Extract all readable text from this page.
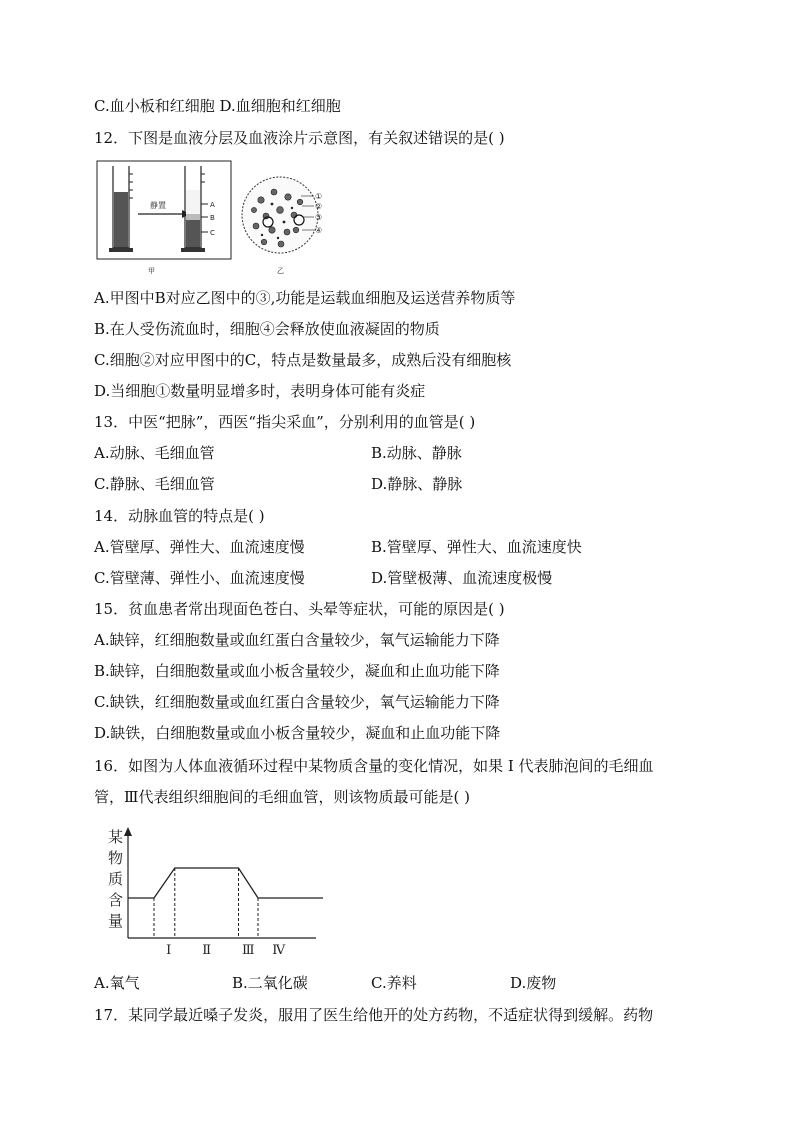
C.血小板和红细胞 D.血细胞和红细胞
12．下图是血液分层及血液涂片示意图，有关叙述错误的是( )
静置	A
B
C
甲
①
②
③
④
乙
A.甲图中B对应乙图中的③,功能是运载血细胞及运送营养物质等
B.在人受伤流血时，细胞④会释放使血液凝固的物质
C.细胞②对应甲图中的C，特点是数量最多，成熟后没有细胞核
D.当细胞①数量明显增多时，表明身体可能有炎症
13．中医“把脉”，西医“指尖采血”，分别利用的血管是( )
A.动脉、毛细血管	B.动脉、静脉
C.静脉、毛细血管	D.静脉、静脉
14．动脉血管的特点是( )
A.管壁厚、弹性大、血流速度慢	B.管壁厚、弹性大、血流速度快
C.管壁薄、弹性小、血流速度慢	D.管壁极薄、血流速度极慢
15．贫血患者常出现面色苍白、头晕等症状，可能的原因是( )
A.缺锌，红细胞数量或血红蛋白含量较少，氧气运输能力下降
B.缺锌，白细胞数量或血小板含量较少，凝血和止血功能下降
C.缺铁，红细胞数量或血红蛋白含量较少，氧气运输能力下降
D.缺铁，白细胞数量或血小板含量较少，凝血和止血功能下降
16．如图为人体血液循环过程中某物质含量的变化情况，如果 I 代表肺泡间的毛细血
管，Ⅲ代表组织细胞间的毛细血管，则该物质最可能是( )
某
物
质
含
量
I Ⅱ Ⅲ Ⅳ
A.氧气	B.二氧化碳	C.养料	D.废物
17．某同学最近嗓子发炎，服用了医生给他开的处方药物，不适症状得到缓解。药物
